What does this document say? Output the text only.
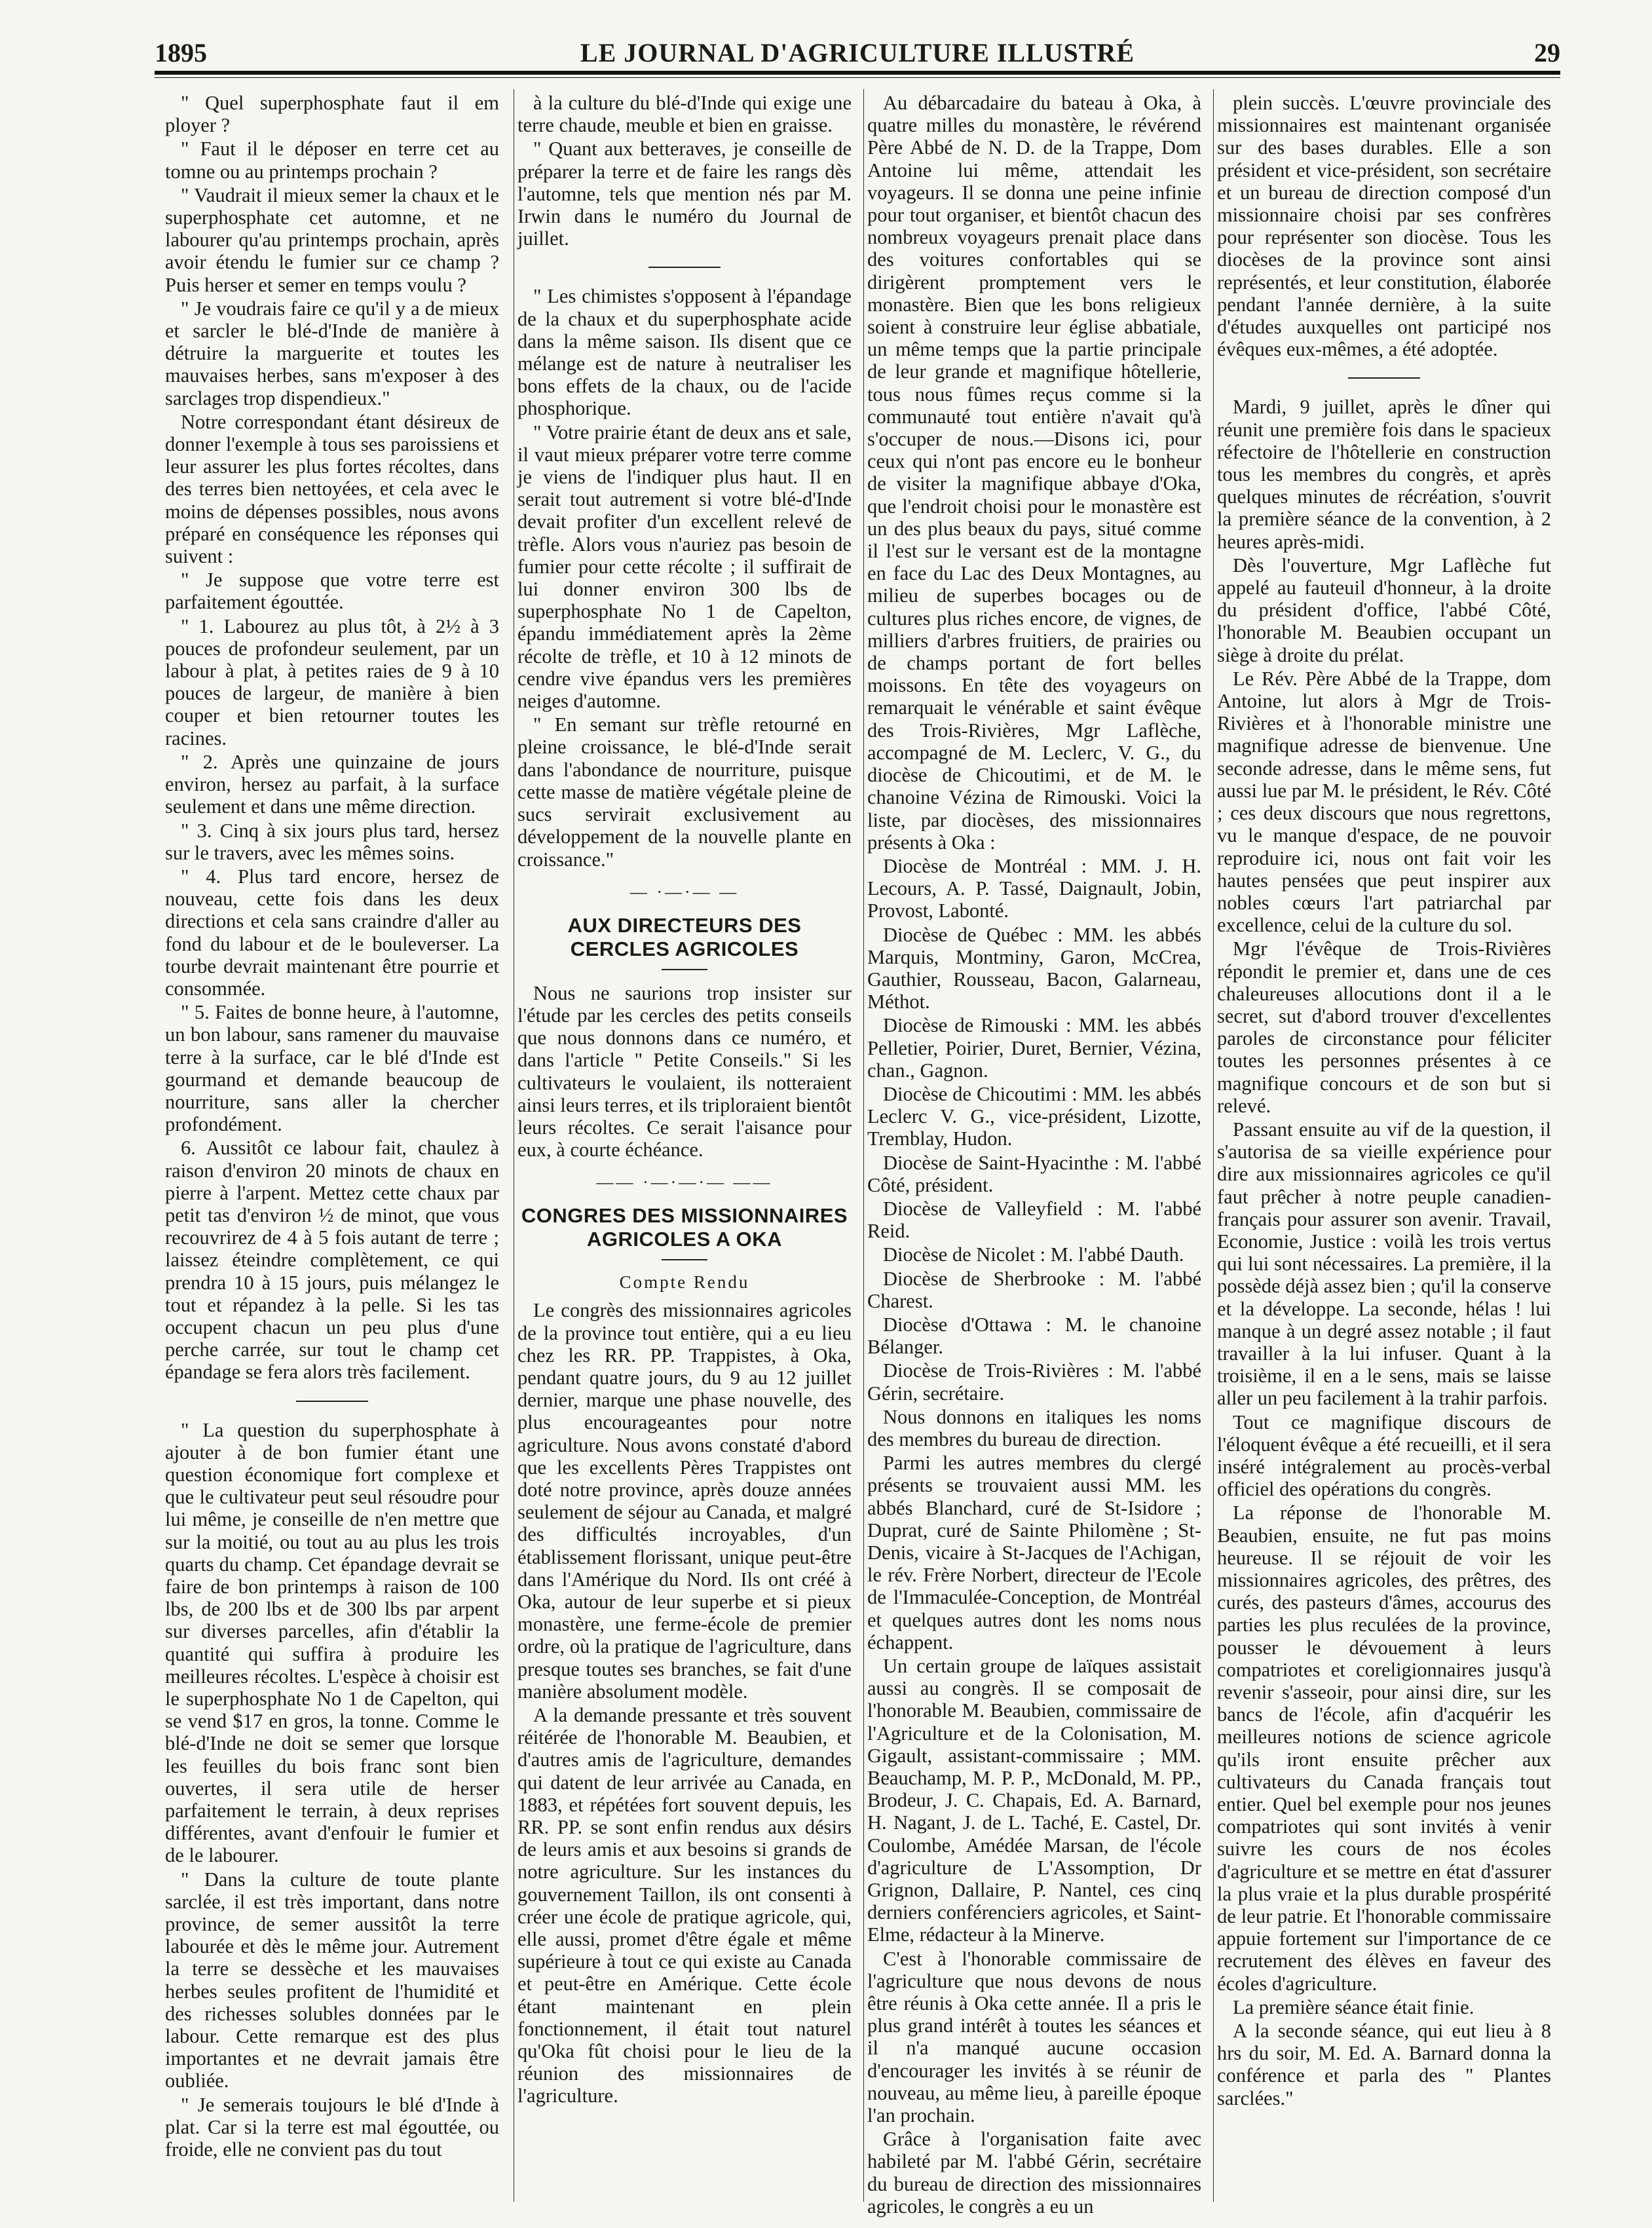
LE JOURNAL D'AGRICULTURE ILLUSTRÉ
1895	29

" Quel superphosphate faut il em ployer ?

" Faut il le déposer en terre cet au tomne ou au printemps prochain ?

" Vaudrait il mieux semer la chaux et le superphosphate cet automne, et ne labourer qu'au printemps prochain, après avoir étendu le fumier sur ce champ ? Puis herser et semer en temps voulu ?

" Je voudrais faire ce qu'il y a de mieux et sarcler le blé-d'Inde de manière à détruire la marguerite et toutes les mauvaises herbes, sans m'exposer à des sarclages trop dispendieux."

Notre correspondant étant désireux de donner l'exemple à tous ses paroissiens et leur assurer les plus fortes récoltes, dans des terres bien nettoyées, et cela avec le moins de dépenses possibles, nous avons préparé en conséquence les réponses qui suivent :

" Je suppose que votre terre est parfaitement égouttée.

" 1. Labourez au plus tôt, à 2½ à 3 pouces de profondeur seulement, par un labour à plat, à petites raies de 9 à 10 pouces de largeur, de manière à bien couper et bien retourner toutes les racines.

" 2. Après une quinzaine de jours environ, hersez au parfait, à la surface seulement et dans une même direction.

" 3. Cinq à six jours plus tard, hersez sur le travers, avec les mêmes soins.

" 4. Plus tard encore, hersez de nouveau, cette fois dans les deux directions et cela sans craindre d'aller au fond du labour et de le bouleverser. La tourbe devrait maintenant être pourrie et consommée.

" 5. Faites de bonne heure, à l'automne, un bon labour, sans ramener du mauvaise terre à la surface, car le blé d'Inde est gourmand et demande beaucoup de nourriture, sans aller la chercher profondément.

6. Aussitôt ce labour fait, chaulez à raison d'environ 20 minots de chaux en pierre à l'arpent. Mettez cette chaux par petit tas d'environ ½ de minot, que vous recouvrirez de 4 à 5 fois autant de terre ; laissez éteindre complètement, ce qui prendra 10 à 15 jours, puis mélangez le tout et répandez à la pelle. Si les tas occupent chacun un peu plus d'une perche carrée, sur tout le champ cet épandage se fera alors très facilement.

" La question du superphosphate à ajouter à de bon fumier étant une question économique fort complexe et que le cultivateur peut seul résoudre pour lui même, je conseille de n'en mettre que sur la moitié, ou tout au au plus les trois quarts du champ. Cet épandage devrait se faire de bon printemps à raison de 100 lbs, de 200 lbs et de 300 lbs par arpent sur diverses parcelles, afin d'établir la quantité qui suffira à produire les meilleures récoltes. L'espèce à choisir est le superphosphate No 1 de Capelton, qui se vend $17 en gros, la tonne. Comme le blé-d'Inde ne doit se semer que lorsque les feuilles du bois franc sont bien ouvertes, il sera utile de herser parfaitement le terrain, à deux reprises différentes, avant d'enfouir le fumier et de le labourer.

" Dans la culture de toute plante sarclée, il est très important, dans notre province, de semer aussitôt la terre labourée et dès le même jour. Autrement la terre se dessèche et les mauvaises herbes seules profitent de l'humidité et des richesses solubles données par le labour. Cette remarque est des plus importantes et ne devrait jamais être oubliée.

" Je semerais toujours le blé d'Inde à plat. Car si la terre est mal égouttée, ou froide, elle ne convient pas du tout

à la culture du blé-d'Inde qui exige une terre chaude, meuble et bien en graisse.

" Quant aux betteraves, je conseille de préparer la terre et de faire les rangs dès l'automne, tels que mention nés par M. Irwin dans le numéro du Journal de juillet.

" Les chimistes s'opposent à l'épandage de la chaux et du superphosphate acide dans la même saison. Ils disent que ce mélange est de nature à neutraliser les bons effets de la chaux, ou de l'acide phosphorique.

" Votre prairie étant de deux ans et sale, il vaut mieux préparer votre terre comme je viens de l'indiquer plus haut. Il en serait tout autrement si votre blé-d'Inde devait profiter d'un excellent relevé de trèfle. Alors vous n'auriez pas besoin de fumier pour cette récolte ; il suffirait de lui donner environ 300 lbs de superphosphate No 1 de Capelton, épandu immédiatement après la 2ème récolte de trèfle, et 10 à 12 minots de cendre vive épandus vers les premières neiges d'automne.

" En semant sur trèfle retourné en pleine croissance, le blé-d'Inde serait dans l'abondance de nourriture, puisque cette masse de matière végétale pleine de sucs servirait exclusivement au développement de la nouvelle plante en croissance."

— ·—·— —
AUX DIRECTEURS DES CERCLES AGRICOLES

Nous ne saurions trop insister sur l'étude par les cercles des petits conseils que nous donnons dans ce numéro, et dans l'article " Petite Conseils." Si les cultivateurs le voulaient, ils notteraient ainsi leurs terres, et ils triploraient bientôt leurs récoltes. Ce serait l'aisance pour eux, à courte échéance.

—— ·—·—·— ——
CONGRES DES MISSIONNAIRES AGRICOLES A OKA
Compte Rendu

Le congrès des missionnaires agricoles de la province tout entière, qui a eu lieu chez les RR. PP. Trappistes, à Oka, pendant quatre jours, du 9 au 12 juillet dernier, marque une phase nouvelle, des plus encourageantes pour notre agriculture. Nous avons constaté d'abord que les excellents Pères Trappistes ont doté notre province, après douze années seulement de séjour au Canada, et malgré des difficultés incroyables, d'un établissement florissant, unique peut-être dans l'Amérique du Nord. Ils ont créé à Oka, autour de leur superbe et si pieux monastère, une ferme-école de premier ordre, où la pratique de l'agriculture, dans presque toutes ses branches, se fait d'une manière absolument modèle.

A la demande pressante et très souvent réitérée de l'honorable M. Beaubien, et d'autres amis de l'agriculture, demandes qui datent de leur arrivée au Canada, en 1883, et répétées fort souvent depuis, les RR. PP. se sont enfin rendus aux désirs de leurs amis et aux besoins si grands de notre agriculture. Sur les instances du gouvernement Taillon, ils ont consenti à créer une école de pratique agricole, qui, elle aussi, promet d'être égale et même supérieure à tout ce qui existe au Canada et peut-être en Amérique. Cette école étant maintenant en plein fonctionnement, il était tout naturel qu'Oka fût choisi pour le lieu de la réunion des missionnaires de l'agriculture.

Au débarcadaire du bateau à Oka, à quatre milles du monastère, le révérend Père Abbé de N. D. de la Trappe, Dom Antoine lui même, attendait les voyageurs. Il se donna une peine infinie pour tout organiser, et bientôt chacun des nombreux voyageurs prenait place dans des voitures confortables qui se dirigèrent promptement vers le monastère. Bien que les bons religieux soient à construire leur église abbatiale, un même temps que la partie principale de leur grande et magnifique hôtellerie, tous nous fûmes reçus comme si la communauté tout entière n'avait qu'à s'occuper de nous.—Disons ici, pour ceux qui n'ont pas encore eu le bonheur de visiter la magnifique abbaye d'Oka, que l'endroit choisi pour le monastère est un des plus beaux du pays, situé comme il l'est sur le versant est de la montagne en face du Lac des Deux Montagnes, au milieu de superbes bocages ou de cultures plus riches encore, de vignes, de milliers d'arbres fruitiers, de prairies ou de champs portant de fort belles moissons. En tête des voyageurs on remarquait le vénérable et saint évêque des Trois-Rivières, Mgr Laflèche, accompagné de M. Leclerc, V. G., du diocèse de Chicoutimi, et de M. le chanoine Vézina de Rimouski. Voici la liste, par diocèses, des missionnaires présents à Oka :

Diocèse de Montréal : MM. J. H. Lecours, A. P. Tassé, Daignault, Jobin, Provost, Labonté.

Diocèse de Québec : MM. les abbés Marquis, Montminy, Garon, McCrea, Gauthier, Rousseau, Bacon, Galarneau, Méthot.

Diocèse de Rimouski : MM. les abbés Pelletier, Poirier, Duret, Bernier, Vézina, chan., Gagnon.

Diocèse de Chicoutimi : MM. les abbés Leclerc V. G., vice-président, Lizotte, Tremblay, Hudon.

Diocèse de Saint-Hyacinthe : M. l'abbé Côté, président.

Diocèse de Valleyfield : M. l'abbé Reid.

Diocèse de Nicolet : M. l'abbé Dauth.

Diocèse de Sherbrooke : M. l'abbé Charest.

Diocèse d'Ottawa : M. le chanoine Bélanger.

Diocèse de Trois-Rivières : M. l'abbé Gérin, secrétaire.

Nous donnons en italiques les noms des membres du bureau de direction.

Parmi les autres membres du clergé présents se trouvaient aussi MM. les abbés Blanchard, curé de St-Isidore ; Duprat, curé de Sainte Philomène ; St-Denis, vicaire à St-Jacques de l'Achigan, le rév. Frère Norbert, directeur de l'Ecole de l'Immaculée-Conception, de Montréal et quelques autres dont les noms nous échappent.

Un certain groupe de laïques assistait aussi au congrès. Il se composait de l'honorable M. Beaubien, commissaire de l'Agriculture et de la Colonisation, M. Gigault, assistant-commissaire ; MM. Beauchamp, M. P. P., McDonald, M. PP., Brodeur, J. C. Chapais, Ed. A. Barnard, H. Nagant, J. de L. Taché, E. Castel, Dr. Coulombe, Amédée Marsan, de l'école d'agriculture de L'Assomption, Dr Grignon, Dallaire, P. Nantel, ces cinq derniers conférenciers agricoles, et Saint-Elme, rédacteur à la Minerve.

C'est à l'honorable commissaire de l'agriculture que nous devons de nous être réunis à Oka cette année. Il a pris le plus grand intérêt à toutes les séances et il n'a manqué aucune occasion d'encourager les invités à se réunir de nouveau, au même lieu, à pareille époque l'an prochain.

Grâce à l'organisation faite avec habileté par M. l'abbé Gérin, secrétaire du bureau de direction des missionnaires agricoles, le congrès a eu un

plein succès. L'œuvre provinciale des missionnaires est maintenant organisée sur des bases durables. Elle a son président et vice-président, son secrétaire et un bureau de direction composé d'un missionnaire choisi par ses confrères pour représenter son diocèse. Tous les diocèses de la province sont ainsi représentés, et leur constitution, élaborée pendant l'année dernière, à la suite d'études auxquelles ont participé nos évêques eux-mêmes, a été adoptée.

Mardi, 9 juillet, après le dîner qui réunit une première fois dans le spacieux réfectoire de l'hôtellerie en construction tous les membres du congrès, et après quelques minutes de récréation, s'ouvrit la première séance de la convention, à 2 heures après-midi.

Dès l'ouverture, Mgr Laflèche fut appelé au fauteuil d'honneur, à la droite du président d'office, l'abbé Côté, l'honorable M. Beaubien occupant un siège à droite du prélat.

Le Rév. Père Abbé de la Trappe, dom Antoine, lut alors à Mgr de Trois-Rivières et à l'honorable ministre une magnifique adresse de bienvenue. Une seconde adresse, dans le même sens, fut aussi lue par M. le président, le Rév. Côté ; ces deux discours que nous regrettons, vu le manque d'espace, de ne pouvoir reproduire ici, nous ont fait voir les hautes pensées que peut inspirer aux nobles cœurs l'art patriarchal par excellence, celui de la culture du sol.

Mgr l'évêque de Trois-Rivières répondit le premier et, dans une de ces chaleureuses allocutions dont il a le secret, sut d'abord trouver d'excellentes paroles de circonstance pour féliciter toutes les personnes présentes à ce magnifique concours et de son but si relevé.

Passant ensuite au vif de la question, il s'autorisa de sa vieille expérience pour dire aux missionnaires agricoles ce qu'il faut prêcher à notre peuple canadien-français pour assurer son avenir. Travail, Economie, Justice : voilà les trois vertus qui lui sont nécessaires. La première, il la possède déjà assez bien ; qu'il la conserve et la développe. La seconde, hélas ! lui manque à un degré assez notable ; il faut travailler à la lui infuser. Quant à la troisième, il en a le sens, mais se laisse aller un peu facilement à la trahir parfois.

Tout ce magnifique discours de l'éloquent évêque a été recueilli, et il sera inséré intégralement au procès-verbal officiel des opérations du congrès.

La réponse de l'honorable M. Beaubien, ensuite, ne fut pas moins heureuse. Il se réjouit de voir les missionnaires agricoles, des prêtres, des curés, des pasteurs d'âmes, accourus des parties les plus reculées de la province, pousser le dévouement à leurs compatriotes et coreligionnaires jusqu'à revenir s'asseoir, pour ainsi dire, sur les bancs de l'école, afin d'acquérir les meilleures notions de science agricole qu'ils iront ensuite prêcher aux cultivateurs du Canada français tout entier. Quel bel exemple pour nos jeunes compatriotes qui sont invités à venir suivre les cours de nos écoles d'agriculture et se mettre en état d'assurer la plus vraie et la plus durable prospérité de leur patrie. Et l'honorable commissaire appuie fortement sur l'importance de ce recrutement des élèves en faveur des écoles d'agriculture.

La première séance était finie.

A la seconde séance, qui eut lieu à 8 hrs du soir, M. Ed. A. Barnard donna la conférence et parla des " Plantes sarclées."
